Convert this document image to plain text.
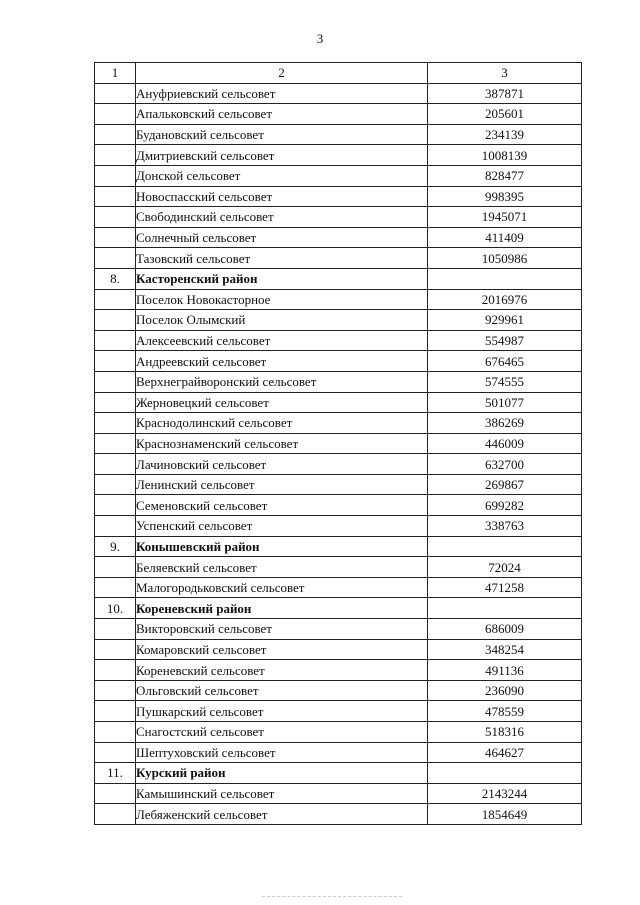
3
1	2	3
	Ануфриевский сельсовет	387871
	Апальковский сельсовет	205601
	Будановский сельсовет	234139
	Дмитриевский сельсовет	1008139
	Донской сельсовет	828477
	Новоспасский сельсовет	998395
	Свободинский сельсовет	1945071
	Солнечный сельсовет	411409
	Тазовский сельсовет	1050986
8.	Касторенский район	
	Поселок Новокасторное	2016976
	Поселок Олымский	929961
	Алексеевский сельсовет	554987
	Андреевский сельсовет	676465
	Верхнеграйворонский сельсовет	574555
	Жерновецкий сельсовет	501077
	Краснодолинский сельсовет	386269
	Краснознаменский сельсовет	446009
	Лачиновский сельсовет	632700
	Ленинский сельсовет	269867
	Семеновский сельсовет	699282
	Успенский сельсовет	338763
9.	Конышевский район	
	Беляевский сельсовет	72024
	Малогородьковский сельсовет	471258
10.	Кореневский район	
	Викторовский сельсовет	686009
	Комаровский сельсовет	348254
	Кореневский сельсовет	491136
	Ольговский сельсовет	236090
	Пушкарский сельсовет	478559
	Снагостский сельсовет	518316
	Шептуховский сельсовет	464627
11.	Курский район	
	Камышинский сельсовет	2143244
	Лебяженский сельсовет	1854649
